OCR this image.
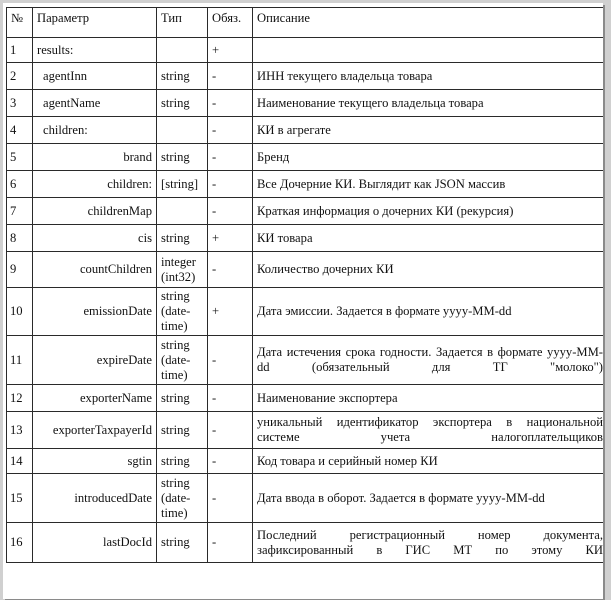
№	Параметр	Тип	Обяз.	Описание
1	results:		+	
2	agentInn	string	-	ИНН текущего владельца товара
3	agentName	string	-	Наименование текущего владельца товара
4	children:		-	КИ в агрегате
5	brand	string	-	Бренд
6	children:	[string]	-	Все Дочерние КИ. Выглядит как JSON массив
7	childrenMap		-	Краткая информация о дочерних КИ (рекурсия)
8	cis	string	+	КИ товара
9	countChildren	integer (int32)	-	Количество дочерних КИ
10	emissionDate	string (date-time)	+	Дата эмиссии. Задается в формате yyyy-MM-dd
11	expireDate	string (date-time)	-	Дата истечения срока годности. Задается в формате yyyy-MM-dd (обязательный для ТГ "молоко")
12	exporterName	string	-	Наименование экспортера
13	exporterTaxpayerId	string	-	уникальный идентификатор экспортера в национальной системе учета налогоплательщиков
14	sgtin	string	-	Код товара и серийный номер КИ
15	introducedDate	string (date-time)	-	Дата ввода в оборот. Задается в формате yyyy-MM-dd
16	lastDocId	string	-	Последний регистрационный номер документа, зафиксированный в ГИС МТ по этому КИ
